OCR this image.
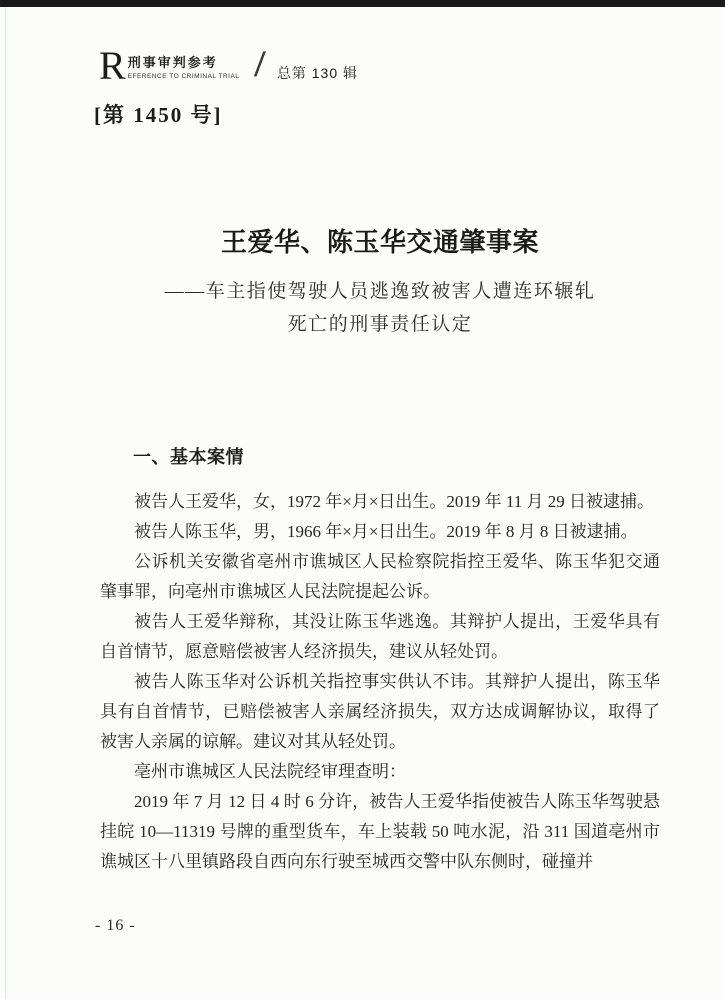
R 刑事审判参考
EFERENCE TO CRIMINAL TRIAL / 总第 130 辑
[第 1450 号]
王爱华、陈玉华交通肇事案
——车主指使驾驶人员逃逸致被害人遭连环辗轧
死亡的刑事责任认定
一、基本案情

被告人王爱华，女，1972 年×月×日出生。2019 年 11 月 29 日被逮捕。

被告人陈玉华，男，1966 年×月×日出生。2019 年 8 月 8 日被逮捕。

公诉机关安徽省亳州市谯城区人民检察院指控王爱华、陈玉华犯交通肇事罪，向亳州市谯城区人民法院提起公诉。

被告人王爱华辩称，其没让陈玉华逃逸。其辩护人提出，王爱华具有自首情节，愿意赔偿被害人经济损失，建议从轻处罚。

被告人陈玉华对公诉机关指控事实供认不讳。其辩护人提出，陈玉华具有自首情节，已赔偿被害人亲属经济损失，双方达成调解协议，取得了被害人亲属的谅解。建议对其从轻处罚。

亳州市谯城区人民法院经审理查明：

2019 年 7 月 12 日 4 时 6 分许，被告人王爱华指使被告人陈玉华驾驶悬挂皖 10—11319 号牌的重型货车，车上装载 50 吨水泥，沿 311 国道亳州市谯城区十八里镇路段自西向东行驶至城西交警中队东侧时，碰撞并

- 16 -
